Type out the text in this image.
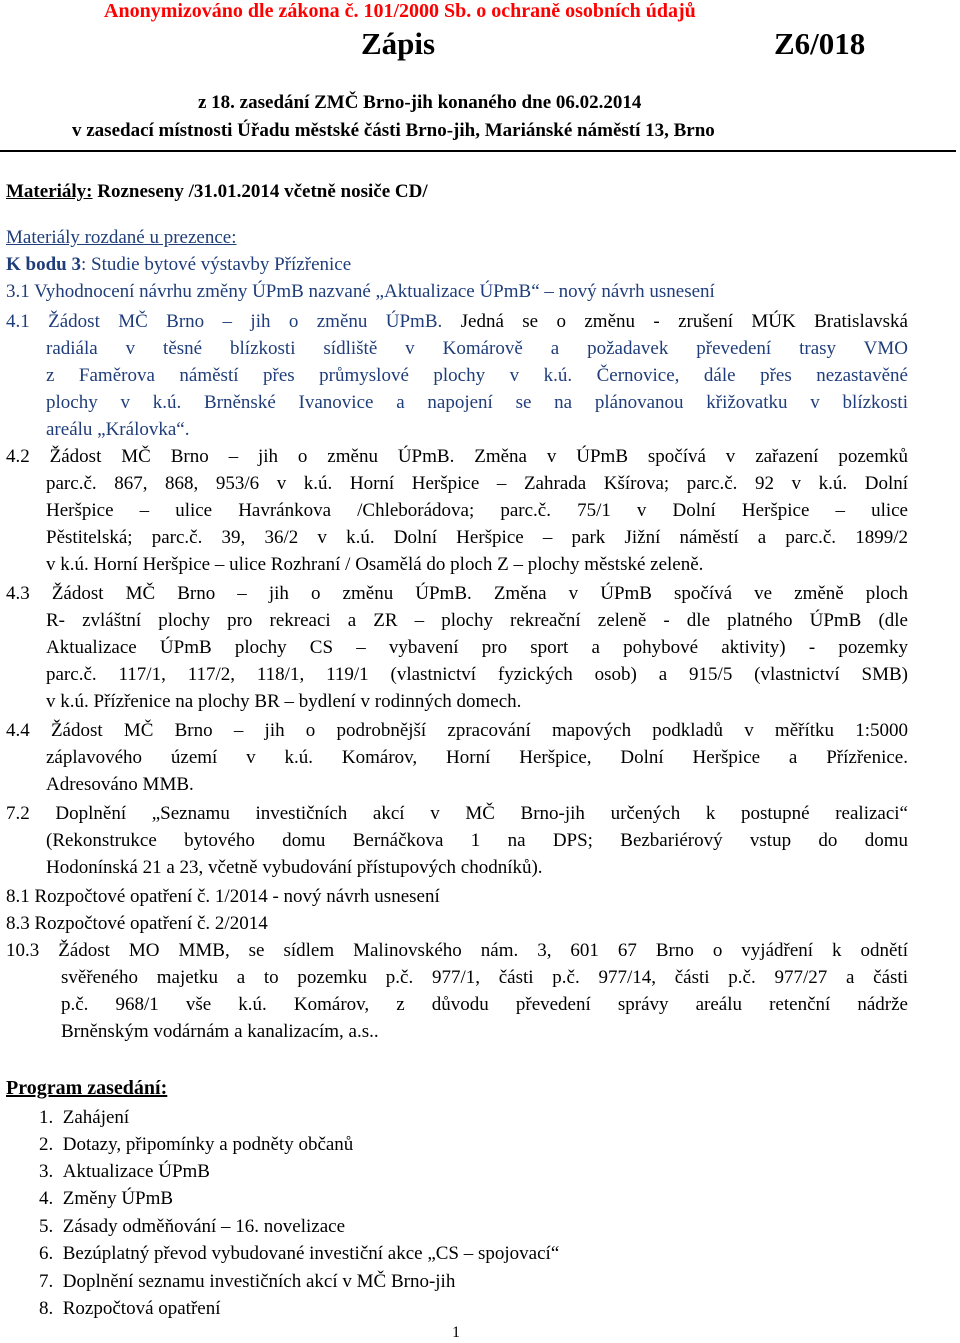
Anonymizováno dle zákona č. 101/2000 Sb. o ochraně osobních údajů
Zápis	Z6/018
z 18. zasedání ZMČ Brno-jih konaného dne 06.02.2014
v zasedací místnosti Úřadu městské části Brno-jih, Mariánské náměstí 13, Brno
Materiály: Rozneseny /31.01.2014 včetně nosiče CD/
Materiály rozdané u prezence:
K bodu 3: Studie bytové výstavby Přízřenice
3.1 Vyhodnocení návrhu změny ÚPmB nazvané „Aktualizace ÚPmB“ – nový návrh usnesení
4.1 Žádost MČ Brno – jih o změnu ÚPmB. Jedná se o změnu - zrušení MÚK Bratislavská
radiála v těsné blízkosti sídliště v Komárově a požadavek převedení trasy VMO
z Faměrova náměstí přes průmyslové plochy v k.ú. Černovice, dále přes nezastavěné
plochy v k.ú. Brněnské Ivanovice a napojení se na plánovanou křižovatku v blízkosti
areálu „Královka“.
4.2 Žádost MČ Brno – jih o změnu ÚPmB. Změna v ÚPmB spočívá v zařazení pozemků
parc.č. 867, 868, 953/6 v k.ú. Horní Heršpice – Zahrada Kšírova; parc.č. 92 v k.ú. Dolní
Heršpice – ulice Havránkova /Chleborádova; parc.č. 75/1 v Dolní Heršpice – ulice
Pěstitelská; parc.č. 39, 36/2 v k.ú. Dolní Heršpice – park Jižní náměstí a parc.č. 1899/2
v k.ú. Horní Heršpice – ulice Rozhraní / Osamělá do ploch Z – plochy městské zeleně.
4.3 Žádost MČ Brno – jih o změnu ÚPmB. Změna v ÚPmB spočívá ve změně ploch
R- zvláštní plochy pro rekreaci a ZR – plochy rekreační zeleně - dle platného ÚPmB (dle
Aktualizace ÚPmB plochy CS – vybavení pro sport a pohybové aktivity) - pozemky
parc.č. 117/1, 117/2, 118/1, 119/1 (vlastnictví fyzických osob) a 915/5 (vlastnictví SMB)
v k.ú. Přízřenice na plochy BR – bydlení v rodinných domech.
4.4 Žádost MČ Brno – jih o podrobnější zpracování mapových podkladů v měřítku 1:5000
záplavového území v k.ú. Komárov, Horní Heršpice, Dolní Heršpice a Přízřenice.
Adresováno MMB.
7.2 Doplnění „Seznamu investičních akcí v MČ Brno-jih určených k postupné realizaci“
(Rekonstrukce bytového domu Bernáčkova 1 na DPS; Bezbariérový vstup do domu
Hodonínská 21 a 23, včetně vybudování přístupových chodníků).
8.1 Rozpočtové opatření č. 1/2014 - nový návrh usnesení
8.3 Rozpočtové opatření č. 2/2014
10.3 Žádost MO MMB, se sídlem Malinovského nám. 3, 601 67 Brno o vyjádření k odnětí
svěřeného majetku a to pozemku p.č. 977/1, části p.č. 977/14, části p.č. 977/27 a části
p.č. 968/1 vše k.ú. Komárov, z důvodu převedení správy areálu retenční nádrže
Brněnským vodárnám a kanalizacím, a.s..
Program zasedání:
1. Zahájení
2. Dotazy, připomínky a podněty občanů
3. Aktualizace ÚPmB
4. Změny ÚPmB
5. Zásady odměňování – 16. novelizace
6. Bezúplatný převod vybudované investiční akce „CS – spojovací“
7. Doplnění seznamu investičních akcí v MČ Brno-jih
8. Rozpočtová opatření
1
